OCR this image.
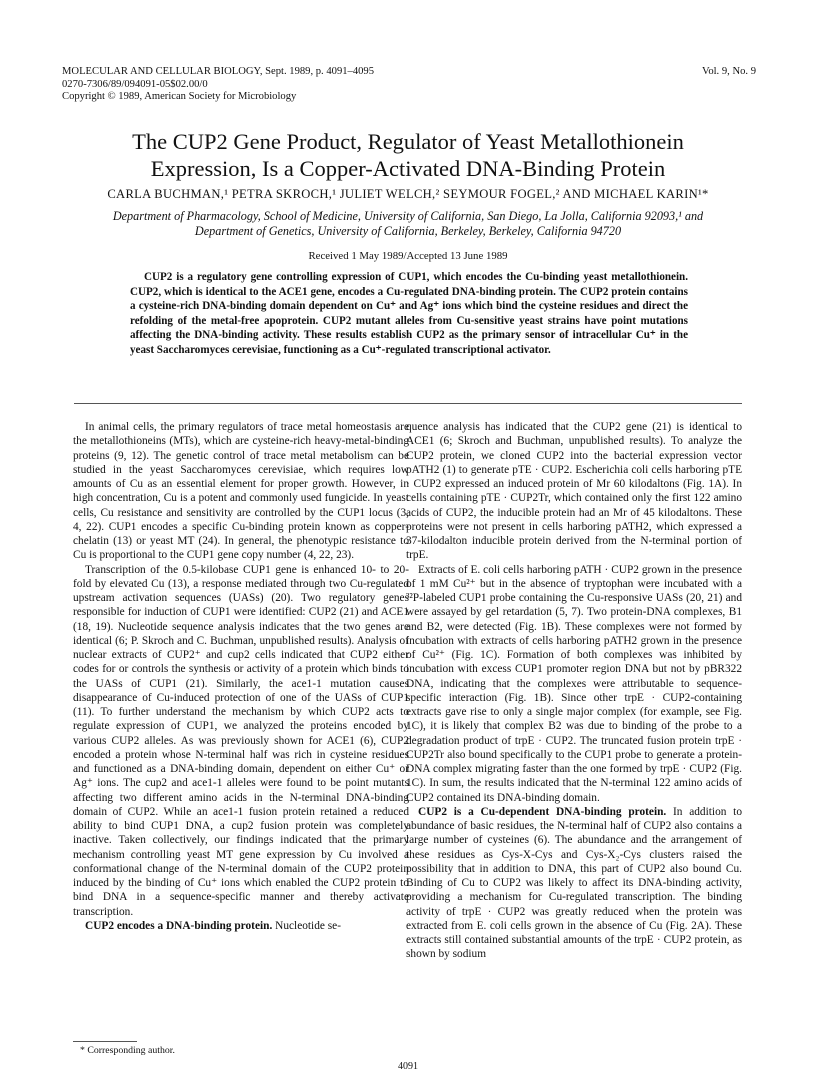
MOLECULAR AND CELLULAR BIOLOGY, Sept. 1989, p. 4091–4095
0270-7306/89/094091-05$02.00/0
Copyright © 1989, American Society for Microbiology
Vol. 9, No. 9
The CUP2 Gene Product, Regulator of Yeast Metallothionein
Expression, Is a Copper-Activated DNA-Binding Protein
CARLA BUCHMAN,¹ PETRA SKROCH,¹ JULIET WELCH,² SEYMOUR FOGEL,² AND MICHAEL KARIN¹*
Department of Pharmacology, School of Medicine, University of California, San Diego, La Jolla, California 92093,¹ and
Department of Genetics, University of California, Berkeley, Berkeley, California 94720
Received 1 May 1989/Accepted 13 June 1989

CUP2 is a regulatory gene controlling expression of CUP1, which encodes the Cu-binding yeast metallothionein. CUP2, which is identical to the ACE1 gene, encodes a Cu-regulated DNA-binding protein. The CUP2 protein contains a cysteine-rich DNA-binding domain dependent on Cu⁺ and Ag⁺ ions which bind the cysteine residues and direct the refolding of the metal-free apoprotein. CUP2 mutant alleles from Cu-sensitive yeast strains have point mutations affecting the DNA-binding activity. These results establish CUP2 as the primary sensor of intracellular Cu⁺ in the yeast Saccharomyces cerevisiae, functioning as a Cu⁺-regulated transcriptional activator.

In animal cells, the primary regulators of trace metal homeostasis are the metallothioneins (MTs), which are cysteine-rich heavy-metal-binding proteins (9, 12). The genetic control of trace metal metabolism can be studied in the yeast Saccharomyces cerevisiae, which requires low amounts of Cu as an essential element for proper growth. However, in high concentration, Cu is a potent and commonly used fungicide. In yeast cells, Cu resistance and sensitivity are controlled by the CUP1 locus (3, 4, 22). CUP1 encodes a specific Cu-binding protein known as copper-chelatin (13) or yeast MT (24). In general, the phenotypic resistance to Cu is proportional to the CUP1 gene copy number (4, 22, 23).

Transcription of the 0.5-kilobase CUP1 gene is enhanced 10- to 20-fold by elevated Cu (13), a response mediated through two Cu-regulated upstream activation sequences (UASs) (20). Two regulatory genes responsible for induction of CUP1 were identified: CUP2 (21) and ACE1 (18, 19). Nucleotide sequence analysis indicates that the two genes are identical (6; P. Skroch and C. Buchman, unpublished results). Analysis of nuclear extracts of CUP2⁺ and cup2 cells indicated that CUP2 either codes for or controls the synthesis or activity of a protein which binds to the UASs of CUP1 (21). Similarly, the ace1-1 mutation causes disappearance of Cu-induced protection of one of the UASs of CUP1 (11). To further understand the mechanism by which CUP2 acts to regulate expression of CUP1, we analyzed the proteins encoded by various CUP2 alleles. As was previously shown for ACE1 (6), CUP2 encoded a protein whose N-terminal half was rich in cysteine residues and functioned as a DNA-binding domain, dependent on either Cu⁺ or Ag⁺ ions. The cup2 and ace1-1 alleles were found to be point mutants affecting two different amino acids in the N-terminal DNA-binding domain of CUP2. While an ace1-1 fusion protein retained a reduced ability to bind CUP1 DNA, a cup2 fusion protein was completely inactive. Taken collectively, our findings indicated that the primary mechanism controlling yeast MT gene expression by Cu involved a conformational change of the N-terminal domain of the CUP2 protein induced by the binding of Cu⁺ ions which enabled the CUP2 protein to bind DNA in a sequence-specific manner and thereby activate transcription.

CUP2 encodes a DNA-binding protein. Nucleotide se-

quence analysis has indicated that the CUP2 gene (21) is identical to ACE1 (6; Skroch and Buchman, unpublished results). To analyze the CUP2 protein, we cloned CUP2 into the bacterial expression vector pATH2 (1) to generate pTE · CUP2. Escherichia coli cells harboring pTE · CUP2 expressed an induced protein of Mr 60 kilodaltons (Fig. 1A). In cells containing pTE · CUP2Tr, which contained only the first 122 amino acids of CUP2, the inducible protein had an Mr of 45 kilodaltons. These proteins were not present in cells harboring pATH2, which expressed a 37-kilodalton inducible protein derived from the N-terminal portion of trpE.

Extracts of E. coli cells harboring pATH · CUP2 grown in the presence of 1 mM Cu²⁺ but in the absence of tryptophan were incubated with a ³²P-labeled CUP1 probe containing the Cu-responsive UASs (20, 21) and were assayed by gel retardation (5, 7). Two protein-DNA complexes, B1 and B2, were detected (Fig. 1B). These complexes were not formed by incubation with extracts of cells harboring pATH2 grown in the presence of Cu²⁺ (Fig. 1C). Formation of both complexes was inhibited by incubation with excess CUP1 promoter region DNA but not by pBR322 DNA, indicating that the complexes were attributable to sequence-specific interaction (Fig. 1B). Since other trpE · CUP2-containing extracts gave rise to only a single major complex (for example, see Fig. 1C), it is likely that complex B2 was due to binding of the probe to a degradation product of trpE · CUP2. The truncated fusion protein trpE · CUP2Tr also bound specifically to the CUP1 probe to generate a protein-DNA complex migrating faster than the one formed by trpE · CUP2 (Fig. 1C). In sum, the results indicated that the N-terminal 122 amino acids of CUP2 contained its DNA-binding domain.

CUP2 is a Cu-dependent DNA-binding protein. In addition to abundance of basic residues, the N-terminal half of CUP2 also contains a large number of cysteines (6). The abundance and the arrangement of these residues as Cys-X-Cys and Cys-X₂-Cys clusters raised the possibility that in addition to DNA, this part of CUP2 also bound Cu. Binding of Cu to CUP2 was likely to affect its DNA-binding activity, providing a mechanism for Cu-regulated transcription. The binding activity of trpE · CUP2 was greatly reduced when the protein was extracted from E. coli cells grown in the absence of Cu (Fig. 2A). These extracts still contained substantial amounts of the trpE · CUP2 protein, as shown by sodium

* Corresponding author.
4091
